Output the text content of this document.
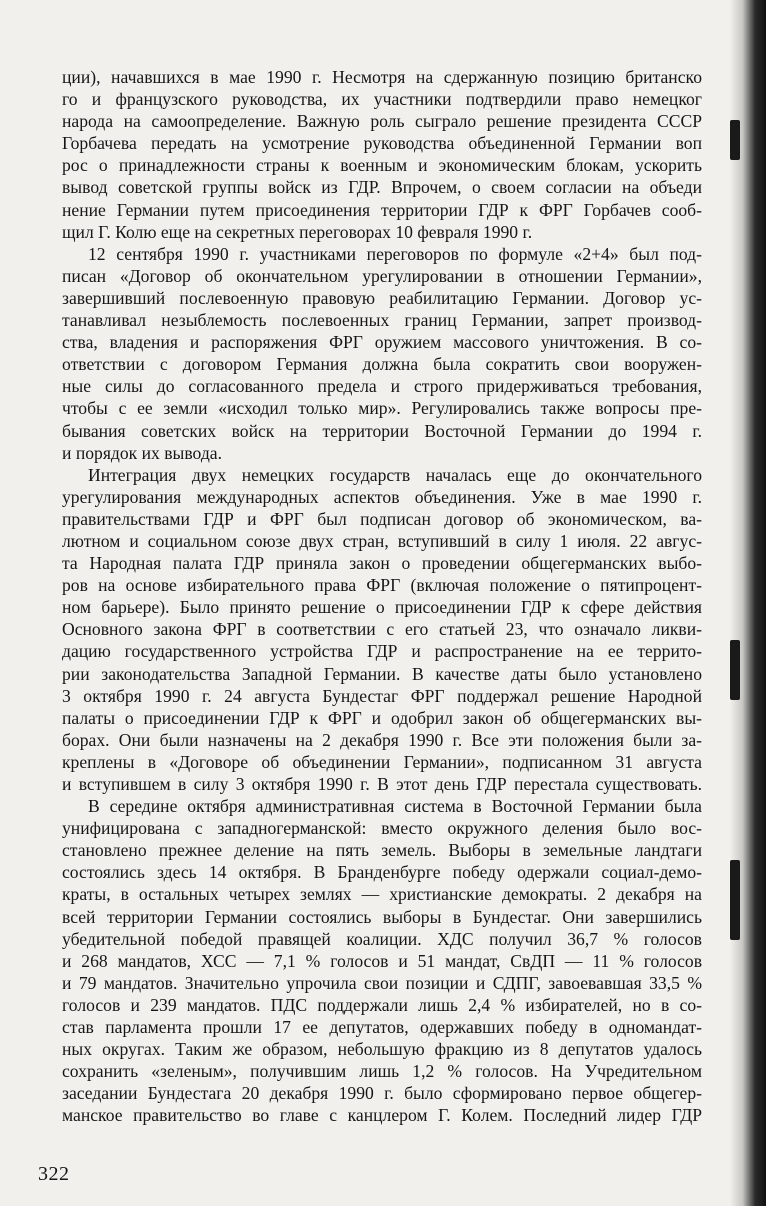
ции), начавшихся в мае 1990 г. Несмотря на сдержанную позицию британско
го и французского руководства, их участники подтвердили право немецког
народа на самоопределение. Важную роль сыграло решение президента СССР
Горбачева передать на усмотрение руководства объединенной Германии воп
рос о принадлежности страны к военным и экономическим блокам, ускорить
вывод советской группы войск из ГДР. Впрочем, о своем согласии на объеди
нение Германии путем присоединения территории ГДР к ФРГ Горбачев сооб-
щил Г. Колю еще на секретных переговорах 10 февраля 1990 г.
12 сентября 1990 г. участниками переговоров по формуле «2+4» был под-
писан «Договор об окончательном урегулировании в отношении Германии»,
завершивший послевоенную правовую реабилитацию Германии. Договор ус-
танавливал незыблемость послевоенных границ Германии, запрет производ-
ства, владения и распоряжения ФРГ оружием массового уничтожения. В со-
ответствии с договором Германия должна была сократить свои вооружен-
ные силы до согласованного предела и строго придерживаться требования,
чтобы с ее земли «исходил только мир». Регулировались также вопросы пре-
бывания советских войск на территории Восточной Германии до 1994 г.
и порядок их вывода.
Интеграция двух немецких государств началась еще до окончательного
урегулирования международных аспектов объединения. Уже в мае 1990 г.
правительствами ГДР и ФРГ был подписан договор об экономическом, ва-
лютном и социальном союзе двух стран, вступивший в силу 1 июля. 22 авгус-
та Народная палата ГДР приняла закон о проведении общегерманских выбо-
ров на основе избирательного права ФРГ (включая положение о пятипроцент-
ном барьере). Было принято решение о присоединении ГДР к сфере действия
Основного закона ФРГ в соответствии с его статьей 23, что означало ликви-
дацию государственного устройства ГДР и распространение на ее террито-
рии законодательства Западной Германии. В качестве даты было установлено
3 октября 1990 г. 24 августа Бундестаг ФРГ поддержал решение Народной
палаты о присоединении ГДР к ФРГ и одобрил закон об общегерманских вы-
борах. Они были назначены на 2 декабря 1990 г. Все эти положения были за-
креплены в «Договоре об объединении Германии», подписанном 31 августа
и вступившем в силу 3 октября 1990 г. В этот день ГДР перестала существовать.
В середине октября административная система в Восточной Германии была
унифицирована с западногерманской: вместо окружного деления было вос-
становлено прежнее деление на пять земель. Выборы в земельные ландтаги
состоялись здесь 14 октября. В Бранденбурге победу одержали социал-демо-
краты, в остальных четырех землях — христианские демократы. 2 декабря на
всей территории Германии состоялись выборы в Бундестаг. Они завершились
убедительной победой правящей коалиции. ХДС получил 36,7 % голосов
и 268 мандатов, ХСС — 7,1 % голосов и 51 мандат, СвДП — 11 % голосов
и 79 мандатов. Значительно упрочила свои позиции и СДПГ, завоевавшая 33,5 %
голосов и 239 мандатов. ПДС поддержали лишь 2,4 % избирателей, но в со-
став парламента прошли 17 ее депутатов, одержавших победу в одномандат-
ных округах. Таким же образом, небольшую фракцию из 8 депутатов удалось
сохранить «зеленым», получившим лишь 1,2 % голосов. На Учредительном
заседании Бундестага 20 декабря 1990 г. было сформировано первое общегер-
манское правительство во главе с канцлером Г. Колем. Последний лидер ГДР
322
